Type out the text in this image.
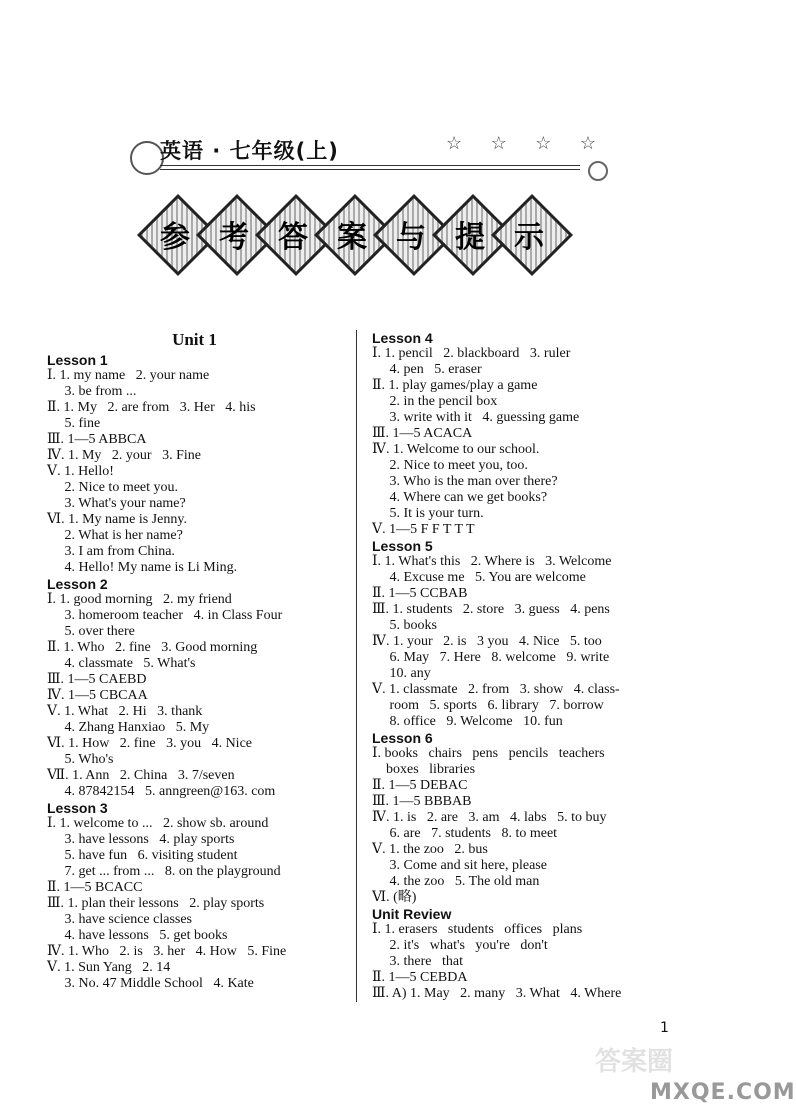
英语 · 七年级(上)	☆ ☆ ☆ ☆
参 考 答 案 与 提 示
Unit 1
Lesson 1
Ⅰ. 1. my name   2. your name
3. be from ...
Ⅱ. 1. My   2. are from   3. Her   4. his
5. fine
Ⅲ. 1—5 ABBCA
Ⅳ. 1. My   2. your   3. Fine
Ⅴ. 1. Hello!
2. Nice to meet you.
3. What's your name?
Ⅵ. 1. My name is Jenny.
2. What is her name?
3. I am from China.
4. Hello! My name is Li Ming.
Lesson 2
Ⅰ. 1. good morning   2. my friend
3. homeroom teacher   4. in Class Four
5. over there
Ⅱ. 1. Who   2. fine   3. Good morning
4. classmate   5. What's
Ⅲ. 1—5 CAEBD
Ⅳ. 1—5 CBCAA
Ⅴ. 1. What   2. Hi   3. thank
4. Zhang Hanxiao   5. My
Ⅵ. 1. How   2. fine   3. you   4. Nice
5. Who's
Ⅶ. 1. Ann   2. China   3. 7/seven
4. 87842154   5. anngreen@163. com
Lesson 3
Ⅰ. 1. welcome to ...   2. show sb. around
3. have lessons   4. play sports
5. have fun   6. visiting student
7. get ... from ...   8. on the playground
Ⅱ. 1—5 BCACC
Ⅲ. 1. plan their lessons   2. play sports
3. have science classes
4. have lessons   5. get books
Ⅳ. 1. Who   2. is   3. her   4. How   5. Fine
Ⅴ. 1. Sun Yang   2. 14
3. No. 47 Middle School   4. Kate
Lesson 4
Ⅰ. 1. pencil   2. blackboard   3. ruler
4. pen   5. eraser
Ⅱ. 1. play games/play a game
2. in the pencil box
3. write with it   4. guessing game
Ⅲ. 1—5 ACACA
Ⅳ. 1. Welcome to our school.
2. Nice to meet you, too.
3. Who is the man over there?
4. Where can we get books?
5. It is your turn.
Ⅴ. 1—5 F F T T T
Lesson 5
Ⅰ. 1. What's this   2. Where is   3. Welcome
4. Excuse me   5. You are welcome
Ⅱ. 1—5 CCBAB
Ⅲ. 1. students   2. store   3. guess   4. pens
5. books
Ⅳ. 1. your   2. is   3 you   4. Nice   5. too
6. May   7. Here   8. welcome   9. write
10. any
Ⅴ. 1. classmate   2. from   3. show   4. class-
room   5. sports   6. library   7. borrow
8. office   9. Welcome   10. fun
Lesson 6
Ⅰ. books   chairs   pens   pencils   teachers
boxes   libraries
Ⅱ. 1—5 DEBAC
Ⅲ. 1—5 BBBAB
Ⅳ. 1. is   2. are   3. am   4. labs   5. to buy
6. are   7. students   8. to meet
Ⅴ. 1. the zoo   2. bus
3. Come and sit here, please
4. the zoo   5. The old man
Ⅵ. (略)
Unit Review
Ⅰ. 1. erasers   students   offices   plans
2. it's   what's   you're   don't
3. there   that
Ⅱ. 1—5 CEBDA
Ⅲ. A) 1. May   2. many   3. What   4. Where
1
答案圈
MXQE.COM
